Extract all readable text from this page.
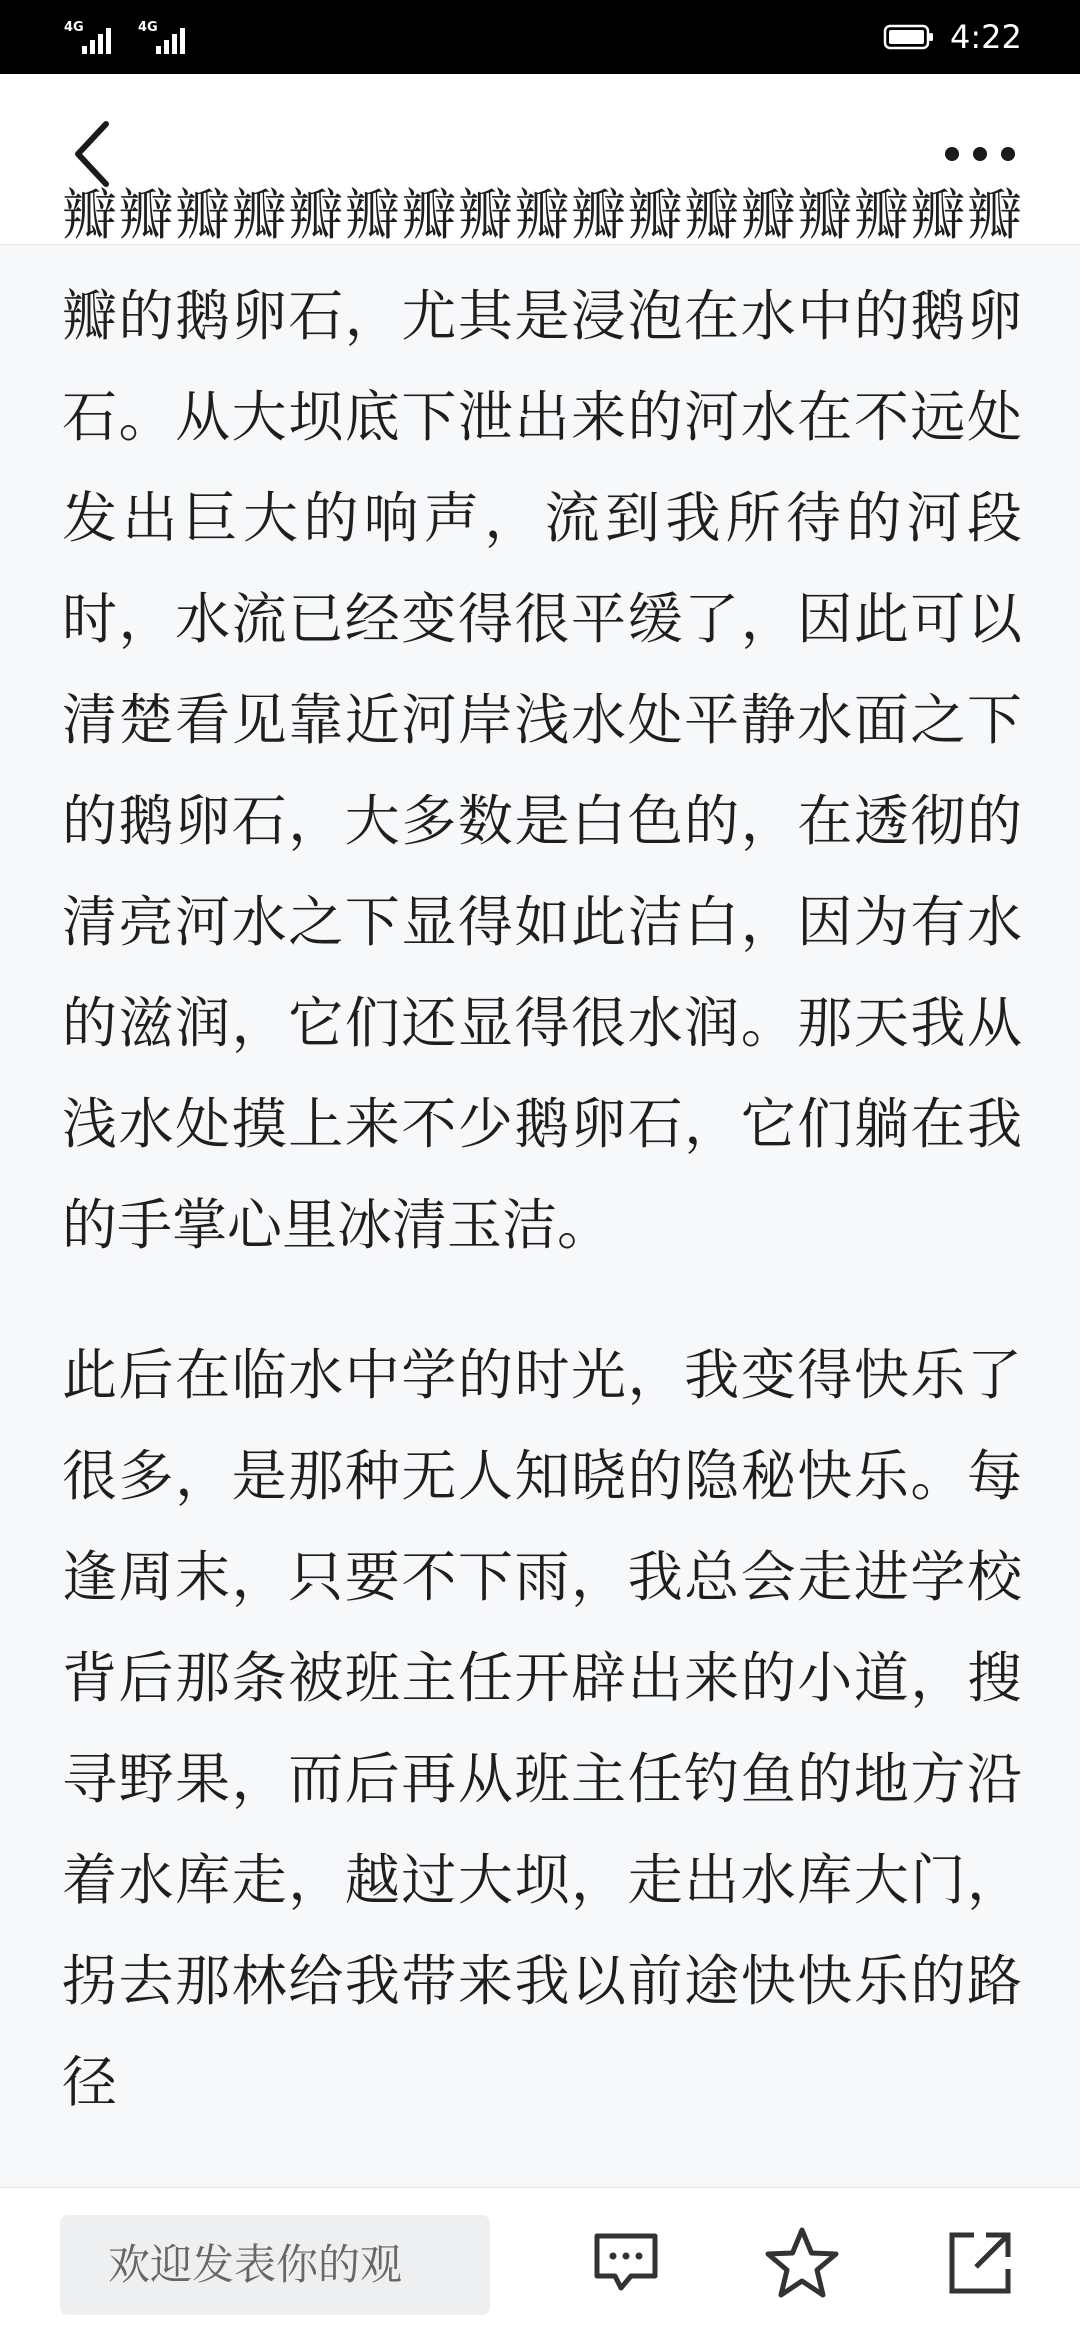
4G	4G	4:22

瓣瓣瓣瓣瓣瓣瓣瓣瓣瓣瓣瓣瓣瓣瓣瓣瓣瓣的鹅卵石，尤其是浸泡在水中的鹅卵石。从大坝底下泄出来的河水在不远处发出巨大的响声，流到我所待的河段时，水流已经变得很平缓了，因此可以清楚看见靠近河岸浅水处平静水面之下的鹅卵石，大多数是白色的，在透彻的清亮河水之下显得如此洁白，因为有水的滋润，它们还显得很水润。那天我从浅水处摸上来不少鹅卵石，它们躺在我的手掌心里冰清玉洁。

此后在临水中学的时光，我变得快乐了很多，是那种无人知晓的隐秘快乐。每逢周末，只要不下雨，我总会走进学校背后那条被班主任开辟出来的小道，搜寻野果，而后再从班主任钓鱼的地方沿着水库走，越过大坝，走出水库大门，拐去那林给我带来我以前途快快乐的路径

欢迎发表你的观
